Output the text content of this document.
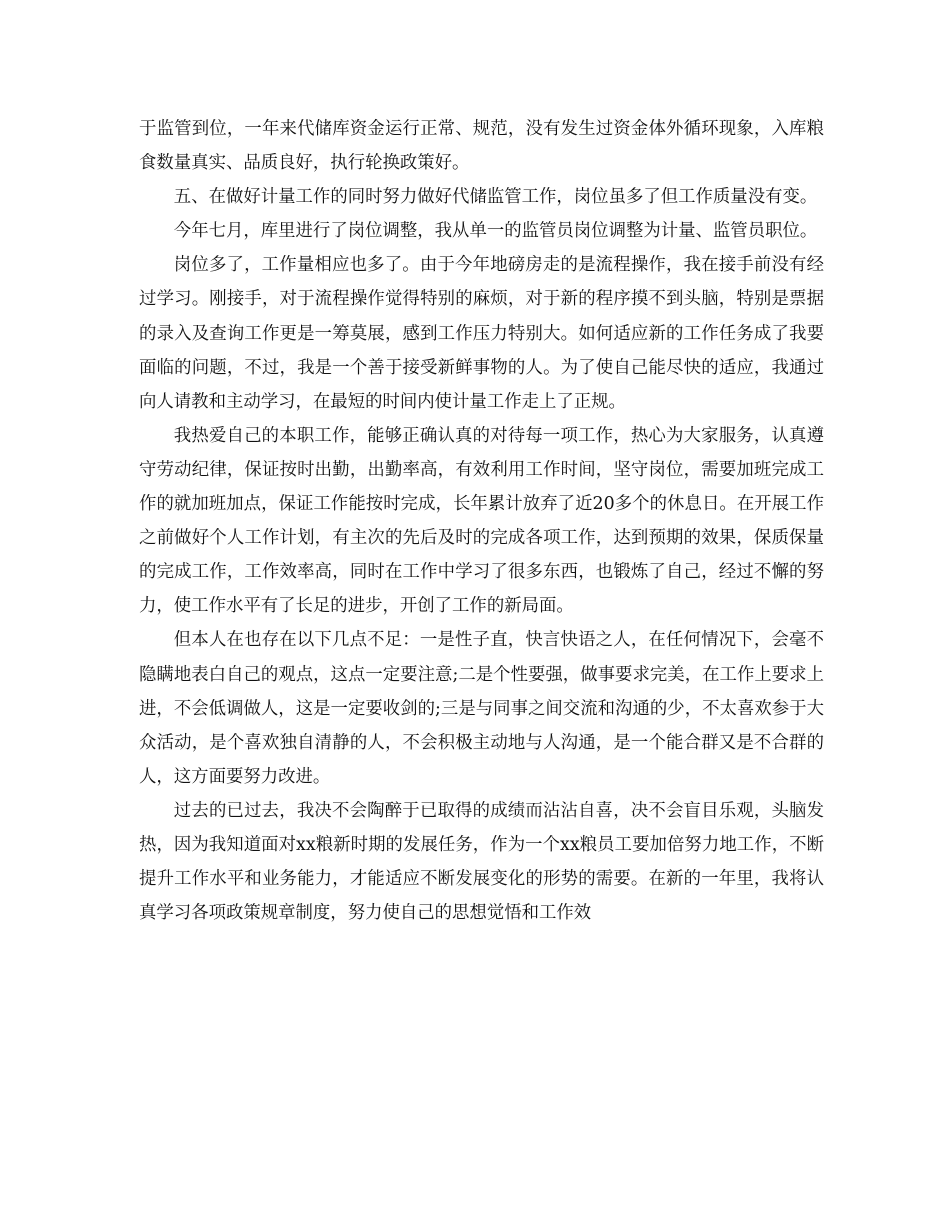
于监管到位，一年来代储库资金运行正常、规范，没有发生过资金体外循环现象，入库粮食数量真实、品质良好，执行轮换政策好。

五、在做好计量工作的同时努力做好代储监管工作，岗位虽多了但工作质量没有变。

今年七月，库里进行了岗位调整，我从单一的监管员岗位调整为计量、监管员职位。

岗位多了，工作量相应也多了。由于今年地磅房走的是流程操作，我在接手前没有经过学习。刚接手，对于流程操作觉得特别的麻烦，对于新的程序摸不到头脑，特别是票据的录入及查询工作更是一筹莫展，感到工作压力特别大。如何适应新的工作任务成了我要面临的问题，不过，我是一个善于接受新鲜事物的人。为了使自己能尽快的适应，我通过向人请教和主动学习，在最短的时间内使计量工作走上了正规。

我热爱自己的本职工作，能够正确认真的对待每一项工作，热心为大家服务，认真遵守劳动纪律，保证按时出勤，出勤率高，有效利用工作时间，坚守岗位，需要加班完成工作的就加班加点，保证工作能按时完成，长年累计放弃了近20多个的休息日。在开展工作之前做好个人工作计划，有主次的先后及时的完成各项工作，达到预期的效果，保质保量的完成工作，工作效率高，同时在工作中学习了很多东西，也锻炼了自己，经过不懈的努力，使工作水平有了长足的进步，开创了工作的新局面。

但本人在也存在以下几点不足：一是性子直，快言快语之人，在任何情况下，会毫不隐瞒地表白自己的观点，这点一定要注意;二是个性要强，做事要求完美，在工作上要求上进，不会低调做人，这是一定要收剑的;三是与同事之间交流和沟通的少，不太喜欢参于大众活动，是个喜欢独自清静的人，不会积极主动地与人沟通，是一个能合群又是不合群的人，这方面要努力改进。

过去的已过去，我决不会陶醉于已取得的成绩而沾沾自喜，决不会盲目乐观，头脑发热，因为我知道面对xx粮新时期的发展任务，作为一个xx粮员工要加倍努力地工作，不断提升工作水平和业务能力，才能适应不断发展变化的形势的需要。在新的一年里，我将认真学习各项政策规章制度，努力使自己的思想觉悟和工作效
